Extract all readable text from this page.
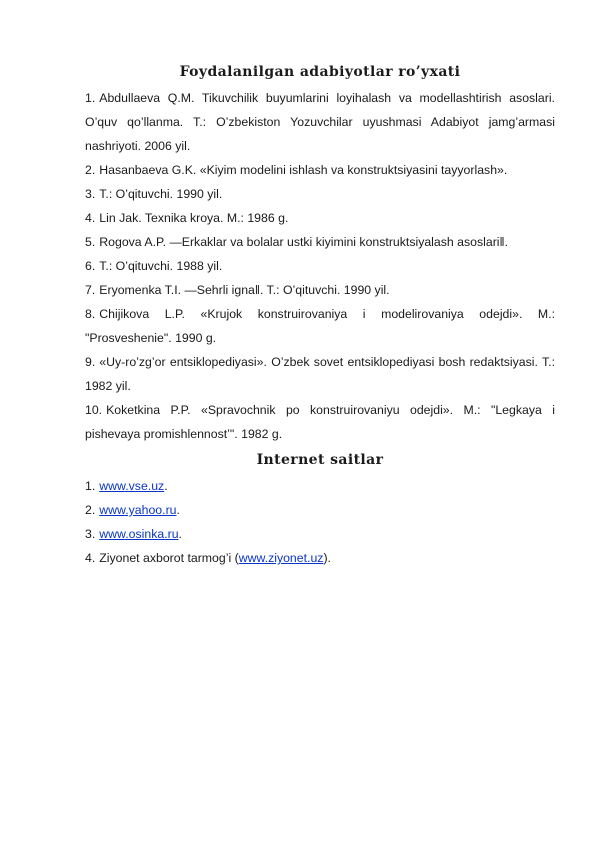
Foydalanilgan adabiyotlar ro’yxati

1. Abdullaeva Q.M. Tikuvchilik buyumlarini loyihalash va modellashtirish asoslari. O’quv qo’llanma. T.: O’zbekiston Yozuvchilar uyushmasi Adabiyot jamg’armasi nashriyoti. 2006 yil.

2. Hasanbaeva G.K. «Kiyim modelini ishlash va konstruktsiyasini tayyorlash».

3. T.: O’qituvchi. 1990 yil.

4. Lin Jak. Texnika kroya. M.: 1986 g.

5. Rogova A.P. ―Erkaklar va bolalar ustki kiyimini konstruktsiyalash asoslari‖.

6. T.: O’qituvchi. 1988 yil.

7. Eryomenka T.I. ―Sehrli igna‖. T.: O’qituvchi. 1990 yil.

8. Chijikova L.P. «Krujok konstruirovaniya i modelirovaniya odejdi». M.: "Prosveshenie". 1990 g.

9. «Uy-ro’zg’or entsiklopediyasi». O’zbek sovet entsiklopediyasi bosh redaktsiyasi. T.: 1982 yil.

10. Koketkina P.P. «Spravochnik po konstruirovaniyu odejdi». M.: "Legkaya i pishevaya promishlennost’". 1982 g.

Internet saitlar

1. www.vse.uz.

2. www.yahoo.ru.

3. www.osinka.ru.

4. Ziyonet axborot tarmog’i (www.ziyonet.uz).
